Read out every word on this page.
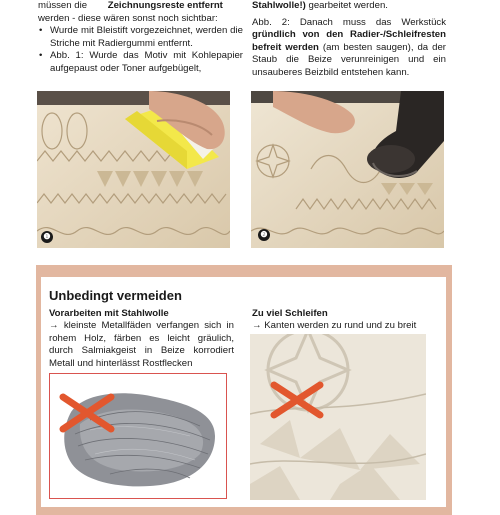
müssen die Zeichnungsreste entfernt

werden - diese wären sonst noch sichtbar:

• Wurde mit Bleistift vorgezeichnet, werden die Striche mit Radiergummi entfernt.
• Abb. 1: Wurde das Motiv mit Kohlepapier aufgepaust oder Toner aufgebügelt,

Stahlwolle!) gearbeitet werden.

Abb. 2: Danach muss das Werkstück gründlich von den Radier-/Schleifresten befreit werden (am besten saugen), da der Staub die Beize verunreinigen und ein unsauberes Beizbild entstehen kann.

❶	❷
Unbedingt vermeiden
Vorarbeiten mit Stahlwolle
→ kleinste Metallfäden verfangen sich in rohem Holz, färben es leicht gräulich, durch Salmiakgeist in Beize korrodiert Metall und hinterlässt Rostflecken
Zu viel Schleifen
→ Kanten werden zu rund und zu breit
